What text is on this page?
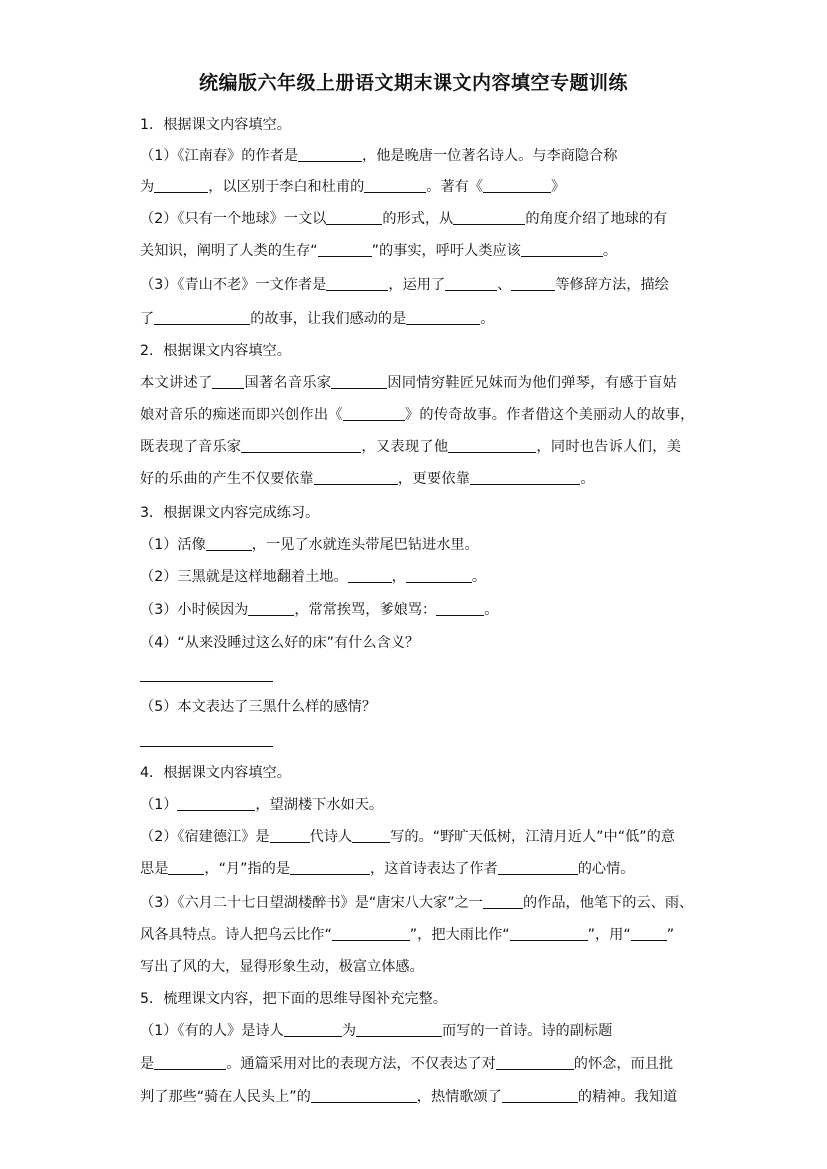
统编版六年级上册语文期末课文内容填空专题训练
1．根据课文内容填空。
（1）《江南春》的作者是	，他是晚唐一位著名诗人。与李商隐合称
为	，以区别于李白和杜甫的	。著有《	》
（2）《只有一个地球》一文以	的形式，从	的角度介绍了地球的有
关知识，阐明了人类的生存“	”的事实，呼吁人类应该	。
（3）《青山不老》一文作者是	，运用了	、	等修辞方法，描绘
了	的故事，让我们感动的是	。
2．根据课文内容填空。
本文讲述了 国著名音乐家	因同情穷鞋匠兄妹而为他们弹琴，有感于盲姑
娘对音乐的痴迷而即兴创作出《	》的传奇故事。作者借这个美丽动人的故事，
既表现了音乐家	，又表现了他	，同时也告诉人们，美
好的乐曲的产生不仅要依靠	，更要依靠	。
3．根据课文内容完成练习。
（1）活像	，一见了水就连头带尾巴钻进水里。
（2）三黑就是这样地翻着土地。	，	。
（3）小时候因为	，常常挨骂，爹娘骂：	。
（4）“从来没睡过这么好的床”有什么含义？
（5）本文表达了三黑什么样的感情？
4．根据课文内容填空。
（1）	，望湖楼下水如天。
（2）《宿建德江》是	代诗人	写的。“野旷天低树，江清月近人”中“低”的意
思是	，“月”指的是	，这首诗表达了作者	的心情。
（3）《六月二十七日望湖楼醉书》是“唐宋八大家”之一	的作品，他笔下的云、雨、
风各具特点。诗人把乌云比作“	”，把大雨比作“	”，用“	”
写出了风的大，显得形象生动，极富立体感。
5．梳理课文内容，把下面的思维导图补充完整。
（1）《有的人》是诗人	为	而写的一首诗。诗的副标题
是	。通篇采用对比的表现方法，不仅表达了对	的怀念，而且批
判了那些“骑在人民头上”的	，热情歌颂了	的精神。我知道
